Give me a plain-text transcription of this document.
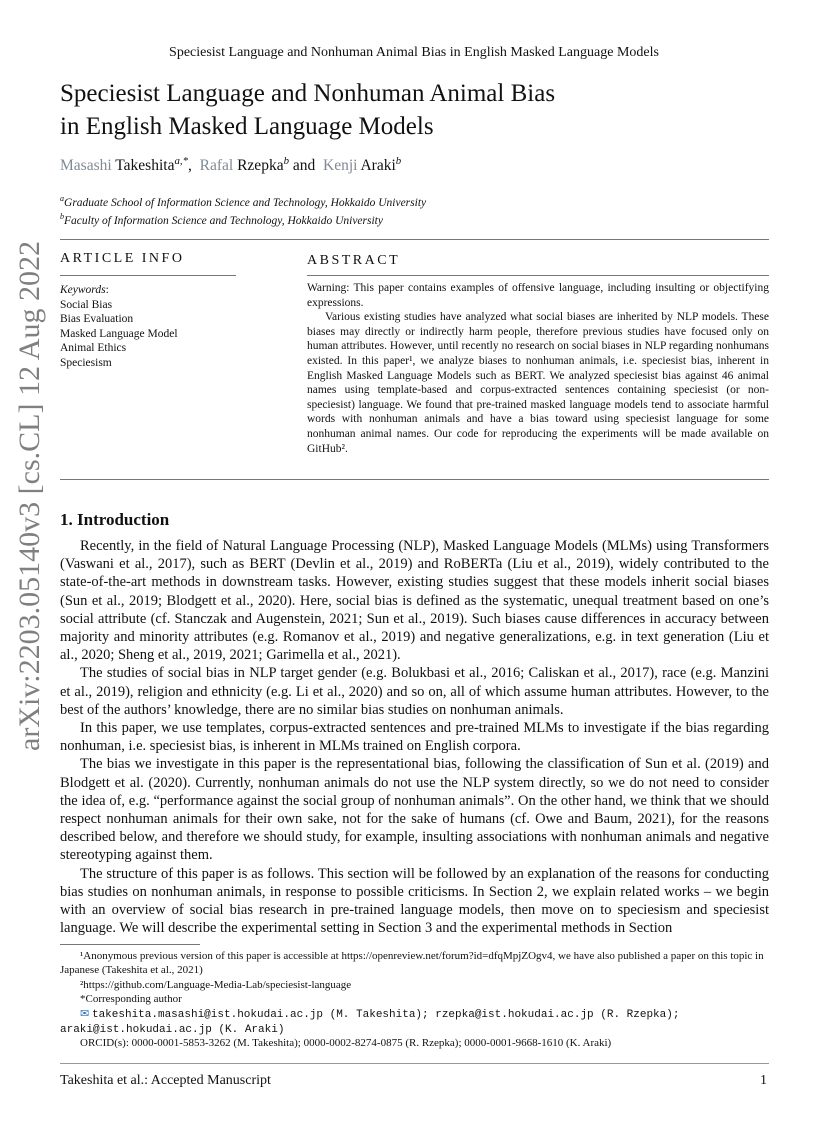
Speciesist Language and Nonhuman Animal Bias in English Masked Language Models
Speciesist Language and Nonhuman Animal Bias
in English Masked Language Models
Masashi Takeshita$^{a,*}$,  Rafal Rzepka$^b$ and Kenji Araki$^b$
$^a$Graduate School of Information Science and Technology, Hokkaido University
$^b$Faculty of Information Science and Technology, Hokkaido University
ARTICLE INFO
Keywords:
Social Bias
Bias Evaluation
Masked Language Model
Animal Ethics
Speciesism
ABSTRACT

Warning: This paper contains examples of offensive language, including insulting or objectifying expressions.

Various existing studies have analyzed what social biases are inherited by NLP models. These biases may directly or indirectly harm people, therefore previous studies have focused only on human attributes. However, until recently no research on social biases in NLP regarding nonhumans existed. In this paper¹, we analyze biases to nonhuman animals, i.e. speciesist bias, inherent in English Masked Language Models such as BERT. We analyzed speciesist bias against 46 animal names using template-based and corpus-extracted sentences containing speciesist (or non-speciesist) language. We found that pre-trained masked language models tend to associate harmful words with nonhuman animals and have a bias toward using speciesist language for some nonhuman animal names. Our code for reproducing the experiments will be made available on GitHub².

1. Introduction

Recently, in the field of Natural Language Processing (NLP), Masked Language Models (MLMs) using Transformers (Vaswani et al., 2017), such as BERT (Devlin et al., 2019) and RoBERTa (Liu et al., 2019), widely contributed to the state-of-the-art methods in downstream tasks. However, existing studies suggest that these models inherit social biases (Sun et al., 2019; Blodgett et al., 2020). Here, social bias is defined as the systematic, unequal treatment based on one’s social attribute (cf. Stanczak and Augenstein, 2021; Sun et al., 2019). Such biases cause differences in accuracy between majority and minority attributes (e.g. Romanov et al., 2019) and negative generalizations, e.g. in text generation (Liu et al., 2020; Sheng et al., 2019, 2021; Garimella et al., 2021).

The studies of social bias in NLP target gender (e.g. Bolukbasi et al., 2016; Caliskan et al., 2017), race (e.g. Manzini et al., 2019), religion and ethnicity (e.g. Li et al., 2020) and so on, all of which assume human attributes. However, to the best of the authors’ knowledge, there are no similar bias studies on nonhuman animals.

In this paper, we use templates, corpus-extracted sentences and pre-trained MLMs to investigate if the bias regarding nonhuman, i.e. speciesist bias, is inherent in MLMs trained on English corpora.

The bias we investigate in this paper is the representational bias, following the classification of Sun et al. (2019) and Blodgett et al. (2020). Currently, nonhuman animals do not use the NLP system directly, so we do not need to consider the idea of, e.g. “performance against the social group of nonhuman animals”. On the other hand, we think that we should respect nonhuman animals for their own sake, not for the sake of humans (cf. Owe and Baum, 2021), for the reasons described below, and therefore we should study, for example, insulting associations with nonhuman animals and negative stereotyping against them.

The structure of this paper is as follows. This section will be followed by an explanation of the reasons for conducting bias studies on nonhuman animals, in response to possible criticisms. In Section 2, we explain related works – we begin with an overview of social bias research in pre-trained language models, then move on to speciesism and speciesist language. We will describe the experimental setting in Section 3 and the experimental methods in Section

¹Anonymous previous version of this paper is accessible at https://openreview.net/forum?id=dfqMpjZOgv4, we have also published a paper on this topic in Japanese (Takeshita et al., 2021)
²https://github.com/Language-Media-Lab/speciesist-language
*Corresponding author
✉ takeshita.masashi@ist.hokudai.ac.jp (M. Takeshita); rzepka@ist.hokudai.ac.jp (R. Rzepka); araki@ist.hokudai.ac.jp (K. Araki)
ORCID(s): 0000-0001-5853-3262 (M. Takeshita); 0000-0002-8274-0875 (R. Rzepka); 0000-0001-9668-1610 (K. Araki)
Takeshita et al.: Accepted Manuscript	1
arXiv:2203.05140v3 [cs.CL] 12 Aug 2022
